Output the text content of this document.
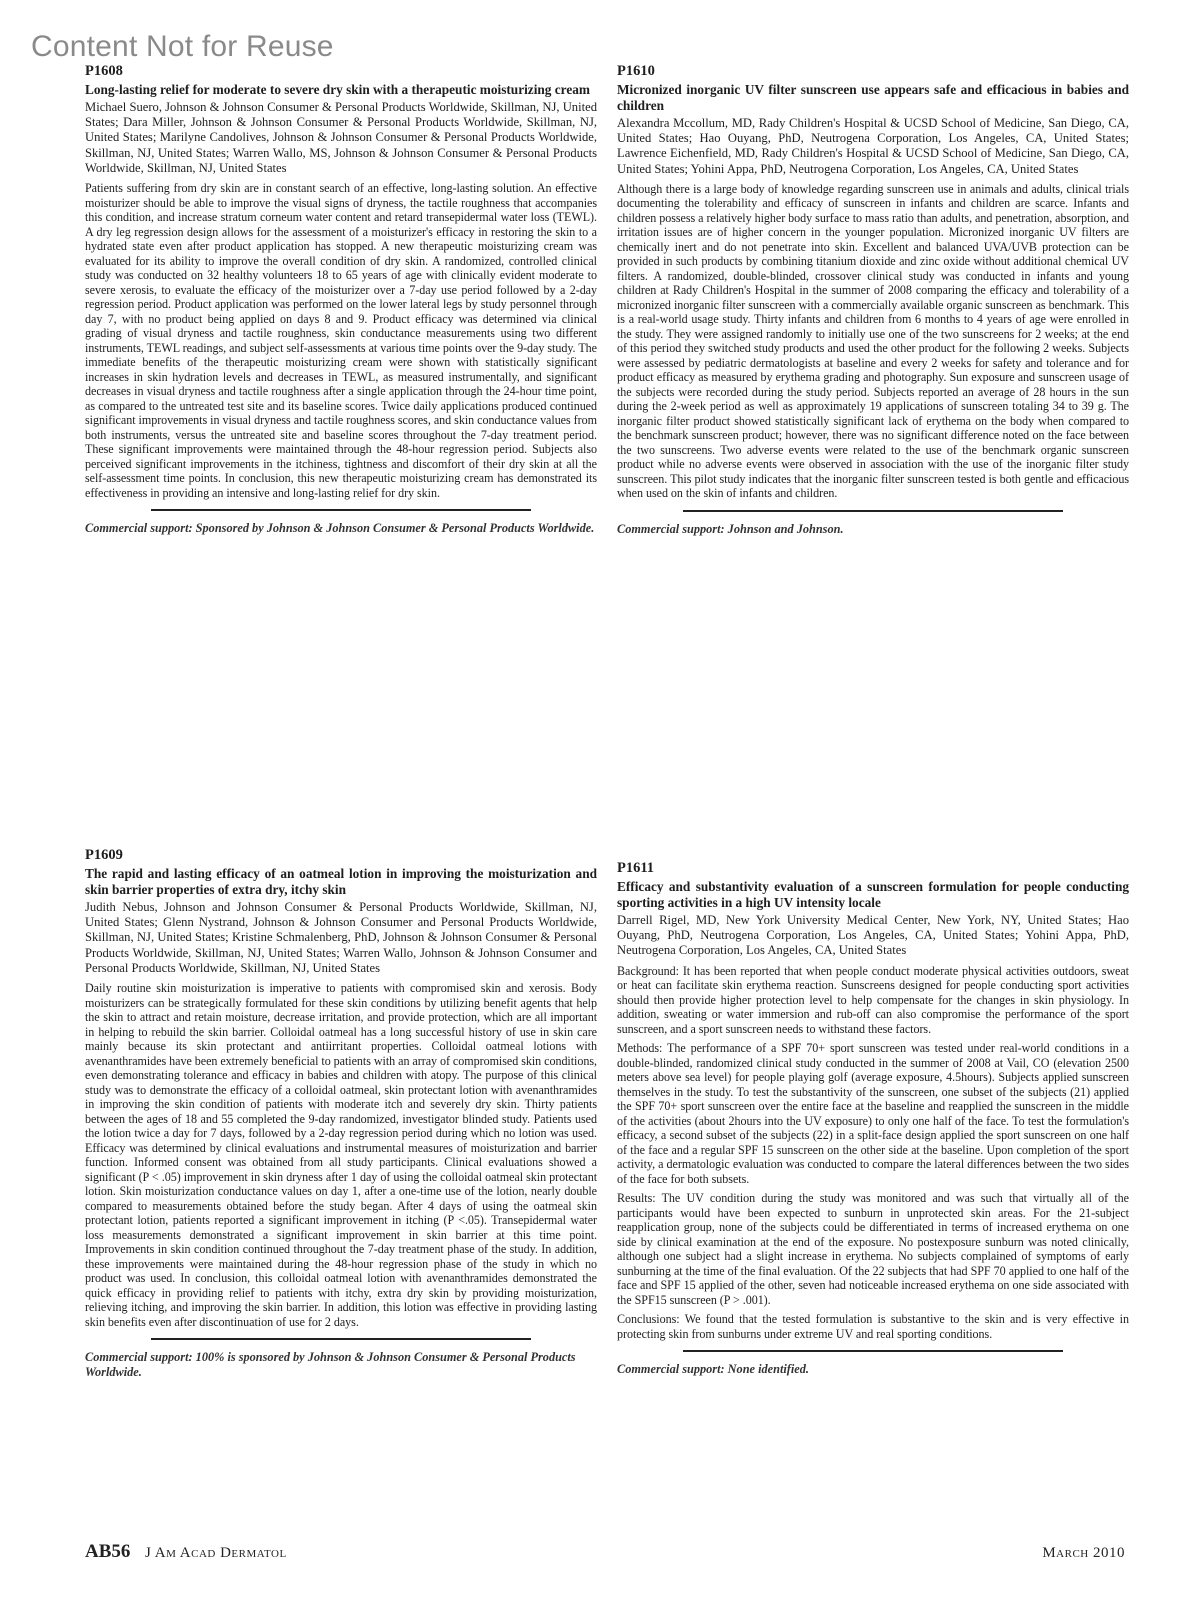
Content Not for Reuse
P1608
Long-lasting relief for moderate to severe dry skin with a therapeutic moisturizing cream
Michael Suero, Johnson & Johnson Consumer & Personal Products Worldwide, Skillman, NJ, United States; Dara Miller, Johnson & Johnson Consumer & Personal Products Worldwide, Skillman, NJ, United States; Marilyne Candolives, Johnson & Johnson Consumer & Personal Products Worldwide, Skillman, NJ, United States; Warren Wallo, MS, Johnson & Johnson Consumer & Personal Products Worldwide, Skillman, NJ, United States

Patients suffering from dry skin are in constant search of an effective, long-lasting solution. An effective moisturizer should be able to improve the visual signs of dryness, the tactile roughness that accompanies this condition, and increase stratum corneum water content and retard transepidermal water loss (TEWL). A dry leg regression design allows for the assessment of a moisturizer's efficacy in restoring the skin to a hydrated state even after product application has stopped. A new therapeutic moisturizing cream was evaluated for its ability to improve the overall condition of dry skin. A randomized, controlled clinical study was conducted on 32 healthy volunteers 18 to 65 years of age with clinically evident moderate to severe xerosis, to evaluate the efficacy of the moisturizer over a 7-day use period followed by a 2-day regression period. Product application was performed on the lower lateral legs by study personnel through day 7, with no product being applied on days 8 and 9. Product efficacy was determined via clinical grading of visual dryness and tactile roughness, skin conductance measurements using two different instruments, TEWL readings, and subject self-assessments at various time points over the 9-day study. The immediate benefits of the therapeutic moisturizing cream were shown with statistically significant increases in skin hydration levels and decreases in TEWL, as measured instrumentally, and significant decreases in visual dryness and tactile roughness after a single application through the 24-hour time point, as compared to the untreated test site and its baseline scores. Twice daily applications produced continued significant improvements in visual dryness and tactile roughness scores, and skin conductance values from both instruments, versus the untreated site and baseline scores throughout the 7-day treatment period. These significant improvements were maintained through the 48-hour regression period. Subjects also perceived significant improvements in the itchiness, tightness and discomfort of their dry skin at all the self-assessment time points. In conclusion, this new therapeutic moisturizing cream has demonstrated its effectiveness in providing an intensive and long-lasting relief for dry skin.

Commercial support: Sponsored by Johnson & Johnson Consumer & Personal Products Worldwide.
P1610
Micronized inorganic UV filter sunscreen use appears safe and efficacious in babies and children
Alexandra Mccollum, MD, Rady Children's Hospital & UCSD School of Medicine, San Diego, CA, United States; Hao Ouyang, PhD, Neutrogena Corporation, Los Angeles, CA, United States; Lawrence Eichenfield, MD, Rady Children's Hospital & UCSD School of Medicine, San Diego, CA, United States; Yohini Appa, PhD, Neutrogena Corporation, Los Angeles, CA, United States

Although there is a large body of knowledge regarding sunscreen use in animals and adults, clinical trials documenting the tolerability and efficacy of sunscreen in infants and children are scarce. Infants and children possess a relatively higher body surface to mass ratio than adults, and penetration, absorption, and irritation issues are of higher concern in the younger population. Micronized inorganic UV filters are chemically inert and do not penetrate into skin. Excellent and balanced UVA/UVB protection can be provided in such products by combining titanium dioxide and zinc oxide without additional chemical UV filters. A randomized, double-blinded, crossover clinical study was conducted in infants and young children at Rady Children's Hospital in the summer of 2008 comparing the efficacy and tolerability of a micronized inorganic filter sunscreen with a commercially available organic sunscreen as benchmark. This is a real-world usage study. Thirty infants and children from 6 months to 4 years of age were enrolled in the study. They were assigned randomly to initially use one of the two sunscreens for 2 weeks; at the end of this period they switched study products and used the other product for the following 2 weeks. Subjects were assessed by pediatric dermatologists at baseline and every 2 weeks for safety and tolerance and for product efficacy as measured by erythema grading and photography. Sun exposure and sunscreen usage of the subjects were recorded during the study period. Subjects reported an average of 28 hours in the sun during the 2-week period as well as approximately 19 applications of sunscreen totaling 34 to 39 g. The inorganic filter product showed statistically significant lack of erythema on the body when compared to the benchmark sunscreen product; however, there was no significant difference noted on the face between the two sunscreens. Two adverse events were related to the use of the benchmark organic sunscreen product while no adverse events were observed in association with the use of the inorganic filter study sunscreen. This pilot study indicates that the inorganic filter sunscreen tested is both gentle and efficacious when used on the skin of infants and children.

Commercial support: Johnson and Johnson.
P1609
The rapid and lasting efficacy of an oatmeal lotion in improving the moisturization and skin barrier properties of extra dry, itchy skin
Judith Nebus, Johnson and Johnson Consumer & Personal Products Worldwide, Skillman, NJ, United States; Glenn Nystrand, Johnson & Johnson Consumer and Personal Products Worldwide, Skillman, NJ, United States; Kristine Schmalenberg, PhD, Johnson & Johnson Consumer & Personal Products Worldwide, Skillman, NJ, United States; Warren Wallo, Johnson & Johnson Consumer and Personal Products Worldwide, Skillman, NJ, United States

Daily routine skin moisturization is imperative to patients with compromised skin and xerosis. Body moisturizers can be strategically formulated for these skin conditions by utilizing benefit agents that help the skin to attract and retain moisture, decrease irritation, and provide protection, which are all important in helping to rebuild the skin barrier. Colloidal oatmeal has a long successful history of use in skin care mainly because its skin protectant and antiirritant properties. Colloidal oatmeal lotions with avenanthramides have been extremely beneficial to patients with an array of compromised skin conditions, even demonstrating tolerance and efficacy in babies and children with atopy. The purpose of this clinical study was to demonstrate the efficacy of a colloidal oatmeal, skin protectant lotion with avenanthramides in improving the skin condition of patients with moderate itch and severely dry skin. Thirty patients between the ages of 18 and 55 completed the 9-day randomized, investigator blinded study. Patients used the lotion twice a day for 7 days, followed by a 2-day regression period during which no lotion was used. Efficacy was determined by clinical evaluations and instrumental measures of moisturization and barrier function. Informed consent was obtained from all study participants. Clinical evaluations showed a significant (P < .05) improvement in skin dryness after 1 day of using the colloidal oatmeal skin protectant lotion. Skin moisturization conductance values on day 1, after a one-time use of the lotion, nearly double compared to measurements obtained before the study began. After 4 days of using the oatmeal skin protectant lotion, patients reported a significant improvement in itching (P <.05). Transepidermal water loss measurements demonstrated a significant improvement in skin barrier at this time point. Improvements in skin condition continued throughout the 7-day treatment phase of the study. In addition, these improvements were maintained during the 48-hour regression phase of the study in which no product was used. In conclusion, this colloidal oatmeal lotion with avenanthramides demonstrated the quick efficacy in providing relief to patients with itchy, extra dry skin by providing moisturization, relieving itching, and improving the skin barrier. In addition, this lotion was effective in providing lasting skin benefits even after discontinuation of use for 2 days.

Commercial support: 100% is sponsored by Johnson & Johnson Consumer & Personal Products Worldwide.
P1611
Efficacy and substantivity evaluation of a sunscreen formulation for people conducting sporting activities in a high UV intensity locale
Darrell Rigel, MD, New York University Medical Center, New York, NY, United States; Hao Ouyang, PhD, Neutrogena Corporation, Los Angeles, CA, United States; Yohini Appa, PhD, Neutrogena Corporation, Los Angeles, CA, United States

Background: It has been reported that when people conduct moderate physical activities outdoors, sweat or heat can facilitate skin erythema reaction. Sunscreens designed for people conducting sport activities should then provide higher protection level to help compensate for the changes in skin physiology. In addition, sweating or water immersion and rub-off can also compromise the performance of the sport sunscreen, and a sport sunscreen needs to withstand these factors.

Methods: The performance of a SPF 70+ sport sunscreen was tested under real-world conditions in a double-blinded, randomized clinical study conducted in the summer of 2008 at Vail, CO (elevation 2500 meters above sea level) for people playing golf (average exposure, 4.5hours). Subjects applied sunscreen themselves in the study. To test the substantivity of the sunscreen, one subset of the subjects (21) applied the SPF 70+ sport sunscreen over the entire face at the baseline and reapplied the sunscreen in the middle of the activities (about 2hours into the UV exposure) to only one half of the face. To test the formulation's efficacy, a second subset of the subjects (22) in a split-face design applied the sport sunscreen on one half of the face and a regular SPF 15 sunscreen on the other side at the baseline. Upon completion of the sport activity, a dermatologic evaluation was conducted to compare the lateral differences between the two sides of the face for both subsets.

Results: The UV condition during the study was monitored and was such that virtually all of the participants would have been expected to sunburn in unprotected skin areas. For the 21-subject reapplication group, none of the subjects could be differentiated in terms of increased erythema on one side by clinical examination at the end of the exposure. No postexposure sunburn was noted clinically, although one subject had a slight increase in erythema. No subjects complained of symptoms of early sunburning at the time of the final evaluation. Of the 22 subjects that had SPF 70 applied to one half of the face and SPF 15 applied of the other, seven had noticeable increased erythema on one side associated with the SPF15 sunscreen (P > .001).

Conclusions: We found that the tested formulation is substantive to the skin and is very effective in protecting skin from sunburns under extreme UV and real sporting conditions.

Commercial support: None identified.
AB56 J Am Acad Dermatol	March 2010
